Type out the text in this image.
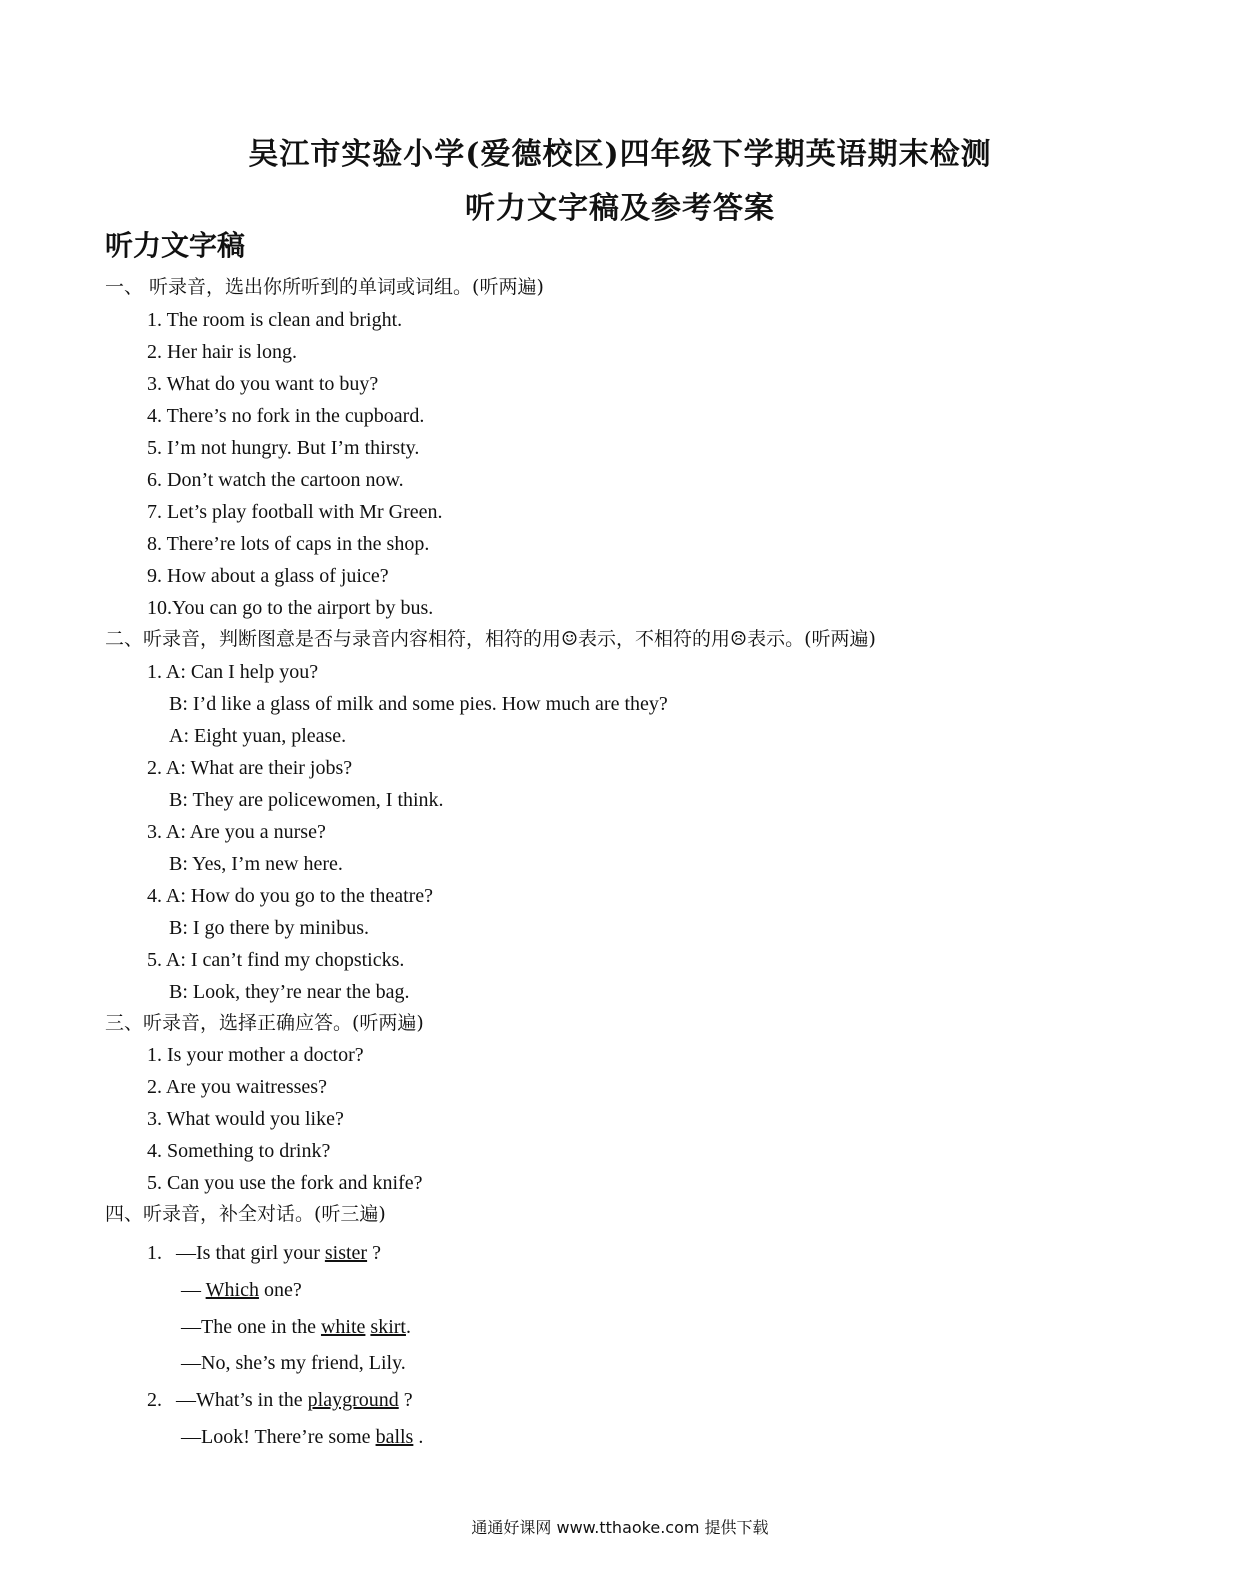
吴江市实验小学(爱德校区)四年级下学期英语期末检测
听力文字稿及参考答案
听力文字稿
一、 听录音，选出你所听到的单词或词组。(听两遍)
1. The room is clean and bright.
2. Her hair is long.
3. What do you want to buy?
4. There’s no fork in the cupboard.
5. I’m not hungry. But I’m thirsty.
6. Don’t watch the cartoon now.
7. Let’s play football with Mr Green.
8. There’re lots of caps in the shop.
9. How about a glass of juice?
10.You can go to the airport by bus.
二、听录音，判断图意是否与录音内容相符，相符的用☺表示，不相符的用☹表示。(听两遍)
1. A: Can I help you?
B: I’d like a glass of milk and some pies. How much are they?
A: Eight yuan, please.
2. A: What are their jobs?
B: They are policewomen, I think.
3. A: Are you a nurse?
B: Yes, I’m new here.
4. A: How do you go to the theatre?
B: I go there by minibus.
5. A: I can’t find my chopsticks.
B: Look, they’re near the bag.
三、听录音，选择正确应答。(听两遍)
1. Is your mother a doctor?
2. Are you waitresses?
3. What would you like?
4. Something to drink?
5. Can you use the fork and knife?
四、听录音，补全对话。(听三遍)
1. —Is that girl your sister ?
— Which one?
—The one in the white skirt.
—No, she’s my friend, Lily.
2. —What’s in the playground ?
—Look! There’re some balls .
通通好课网 www.tthaoke.com 提供下载
